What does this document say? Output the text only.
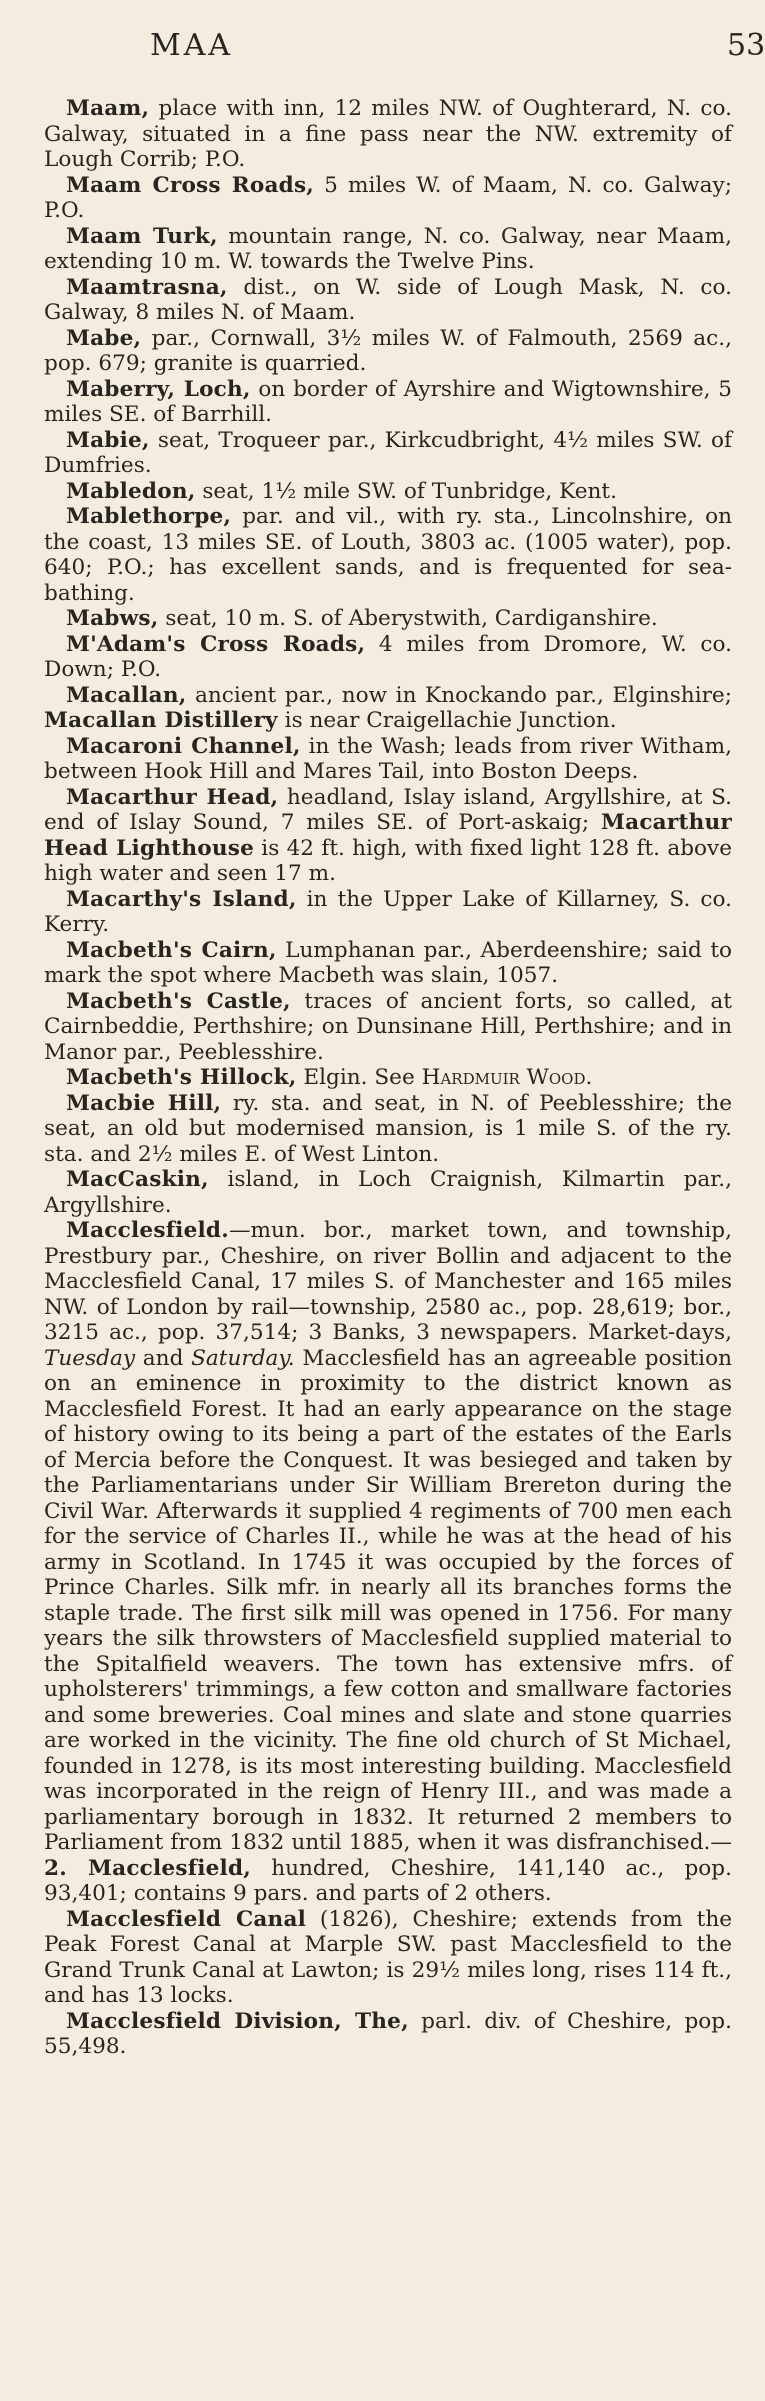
MAA	53

Maam, place with inn, 12 miles NW. of Oughterard, N. co. Galway, situated in a fine pass near the NW. extremity of Lough Corrib; P.O.

Maam Cross Roads, 5 miles W. of Maam, N. co. Galway; P.O.

Maam Turk, mountain range, N. co. Galway, near Maam, extending 10 m. W. towards the Twelve Pins.

Maamtrasna, dist., on W. side of Lough Mask, N. co. Galway, 8 miles N. of Maam.

Mabe, par., Cornwall, 3½ miles W. of Falmouth, 2569 ac., pop. 679; granite is quarried.

Maberry, Loch, on border of Ayrshire and Wigtownshire, 5 miles SE. of Barrhill.

Mabie, seat, Troqueer par., Kirkcudbright, 4½ miles SW. of Dumfries.

Mabledon, seat, 1½ mile SW. of Tunbridge, Kent.

Mablethorpe, par. and vil., with ry. sta., Lincolnshire, on the coast, 13 miles SE. of Louth, 3803 ac. (1005 water), pop. 640; P.O.; has excellent sands, and is frequented for sea-bathing.

Mabws, seat, 10 m. S. of Aberystwith, Cardiganshire.

M'Adam's Cross Roads, 4 miles from Dromore, W. co. Down; P.O.

Macallan, ancient par., now in Knockando par., Elginshire; Macallan Distillery is near Craigellachie Junction.

Macaroni Channel, in the Wash; leads from river Witham, between Hook Hill and Mares Tail, into Boston Deeps.

Macarthur Head, headland, Islay island, Argyllshire, at S. end of Islay Sound, 7 miles SE. of Port-askaig; Macarthur Head Lighthouse is 42 ft. high, with fixed light 128 ft. above high water and seen 17 m.

Macarthy's Island, in the Upper Lake of Killarney, S. co. Kerry.

Macbeth's Cairn, Lumphanan par., Aberdeenshire; said to mark the spot where Macbeth was slain, 1057.

Macbeth's Castle, traces of ancient forts, so called, at Cairnbeddie, Perthshire; on Dunsinane Hill, Perthshire; and in Manor par., Peeblesshire.

Macbeth's Hillock, Elgin. See Hardmuir Wood.

Macbie Hill, ry. sta. and seat, in N. of Peeblesshire; the seat, an old but modernised mansion, is 1 mile S. of the ry. sta. and 2½ miles E. of West Linton.

MacCaskin, island, in Loch Craignish, Kilmartin par., Argyllshire.

Macclesfield.—mun. bor., market town, and township, Prestbury par., Cheshire, on river Bollin and adjacent to the Macclesfield Canal, 17 miles S. of Manchester and 165 miles NW. of London by rail—township, 2580 ac., pop. 28,619; bor., 3215 ac., pop. 37,514; 3 Banks, 3 newspapers. Market-days, Tuesday and Saturday. Macclesfield has an agreeable position on an eminence in proximity to the district known as Macclesfield Forest. It had an early appearance on the stage of history owing to its being a part of the estates of the Earls of Mercia before the Conquest. It was besieged and taken by the Parliamentarians under Sir William Brereton during the Civil War. Afterwards it supplied 4 regiments of 700 men each for the service of Charles II., while he was at the head of his army in Scotland. In 1745 it was occupied by the forces of Prince Charles. Silk mfr. in nearly all its branches forms the staple trade. The first silk mill was opened in 1756. For many years the silk throwsters of Macclesfield supplied material to the Spitalfield weavers. The town has extensive mfrs. of upholsterers' trimmings, a few cotton and smallware factories and some breweries. Coal mines and slate and stone quarries are worked in the vicinity. The fine old church of St Michael, founded in 1278, is its most interesting building. Macclesfield was incorporated in the reign of Henry III., and was made a parliamentary borough in 1832. It returned 2 members to Parliament from 1832 until 1885, when it was disfranchised.—2. Macclesfield, hundred, Cheshire, 141,140 ac., pop. 93,401; contains 9 pars. and parts of 2 others.

Macclesfield Canal (1826), Cheshire; extends from the Peak Forest Canal at Marple SW. past Macclesfield to the Grand Trunk Canal at Lawton; is 29½ miles long, rises 114 ft., and has 13 locks.

Macclesfield Division, The, parl. div. of Cheshire, pop. 55,498.
